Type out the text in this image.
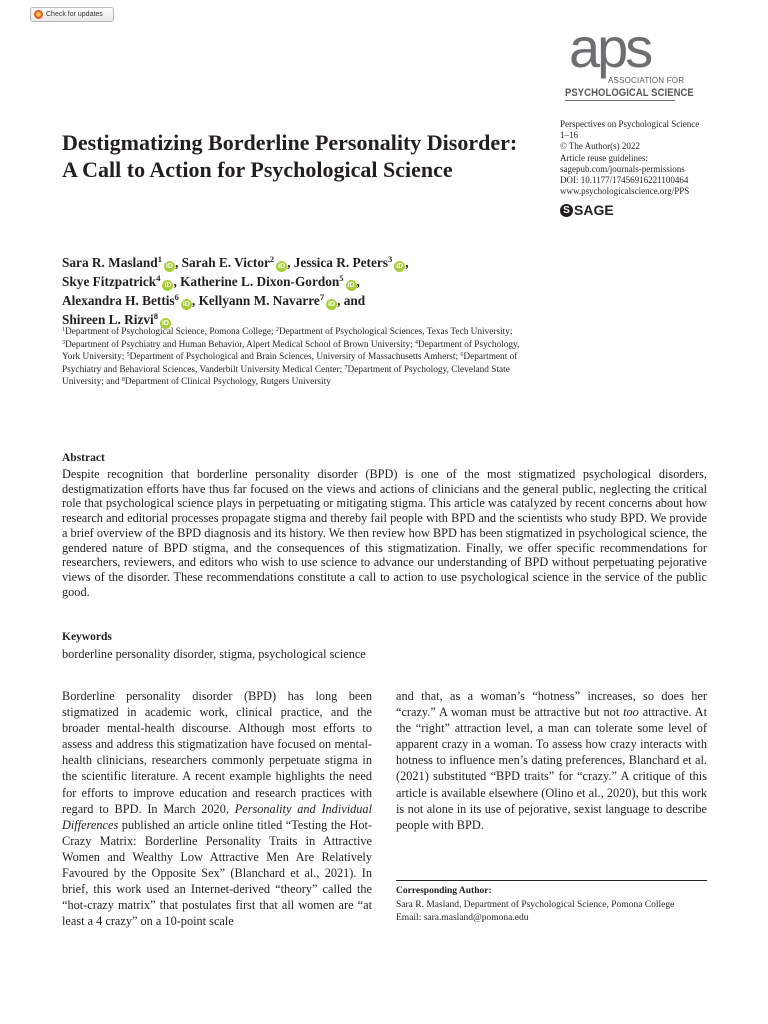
Check for updates
aps
ASSOCIATION FOR
PSYCHOLOGICAL SCIENCE
Perspectives on Psychological Science
1–16
© The Author(s) 2022
Article reuse guidelines:
sagepub.com/journals-permissions
DOI: 10.1177/17456916221100464
www.psychologicalscience.org/PPS
S SAGE
Destigmatizing Borderline Personality Disorder: A Call to Action for Psychological Science
Sara R. Masland$^1$iD , Sarah E. Victor$^2$iD , Jessica R. Peters$^3$iD ,
Skye Fitzpatrick$^4$iD , Katherine L. Dixon-Gordon$^5$iD ,
Alexandra H. Bettis$^6$iD , Kellyann M. Navarre$^7$iD , and
Shireen L. Rizvi$^8$iD
$^1$Department of Psychological Science, Pomona College; $^2$Department of Psychological Sciences, Texas Tech University; $^3$Department of Psychiatry and Human Behavior, Alpert Medical School of Brown University; $^4$Department of Psychology, York University; $^5$Department of Psychological and Brain Sciences, University of Massachusetts Amherst; $^6$Department of Psychiatry and Behavioral Sciences, Vanderbilt University Medical Center; $^7$Department of Psychology, Cleveland State University; and $^8$Department of Clinical Psychology, Rutgers University
Abstract
Despite recognition that borderline personality disorder (BPD) is one of the most stigmatized psychological disorders, destigmatization efforts have thus far focused on the views and actions of clinicians and the general public, neglecting the critical role that psychological science plays in perpetuating or mitigating stigma. This article was catalyzed by recent concerns about how research and editorial processes propagate stigma and thereby fail people with BPD and the scientists who study BPD. We provide a brief overview of the BPD diagnosis and its history. We then review how BPD has been stigmatized in psychological science, the gendered nature of BPD stigma, and the consequences of this stigmatization. Finally, we offer specific recommendations for researchers, reviewers, and editors who wish to use science to advance our understanding of BPD without perpetuating pejorative views of the disorder. These recommendations constitute a call to action to use psychological science in the service of the public good.
Keywords
borderline personality disorder, stigma, psychological science

Borderline personality disorder (BPD) has long been stigmatized in academic work, clinical practice, and the broader mental-health discourse. Although most efforts to assess and address this stigmatization have focused on mental-health clinicians, researchers commonly perpetuate stigma in the scientific literature. A recent example highlights the need for efforts to improve education and research practices with regard to BPD. In March 2020, Personality and Individual Differences published an article online titled “Testing the Hot-Crazy Matrix: Borderline Personality Traits in Attractive Women and Wealthy Low Attractive Men Are Relatively Favoured by the Opposite Sex” (Blanchard et al., 2021). In brief, this work used an Internet-derived “theory” called the “hot-crazy matrix” that postulates first that all women are “at least a 4 crazy” on a 10-point scale

and that, as a woman’s “hotness” increases, so does her “crazy.” A woman must be attractive but not too attractive. At the “right” attraction level, a man can tolerate some level of apparent crazy in a woman. To assess how crazy interacts with hotness to influence men’s dating preferences, Blanchard et al. (2021) substituted “BPD traits” for “crazy.” A critique of this article is available elsewhere (Olino et al., 2020), but this work is not alone in its use of pejorative, sexist language to describe people with BPD.

Corresponding Author:
Sara R. Masland, Department of Psychological Science, Pomona College
Email: sara.masland@pomona.edu
